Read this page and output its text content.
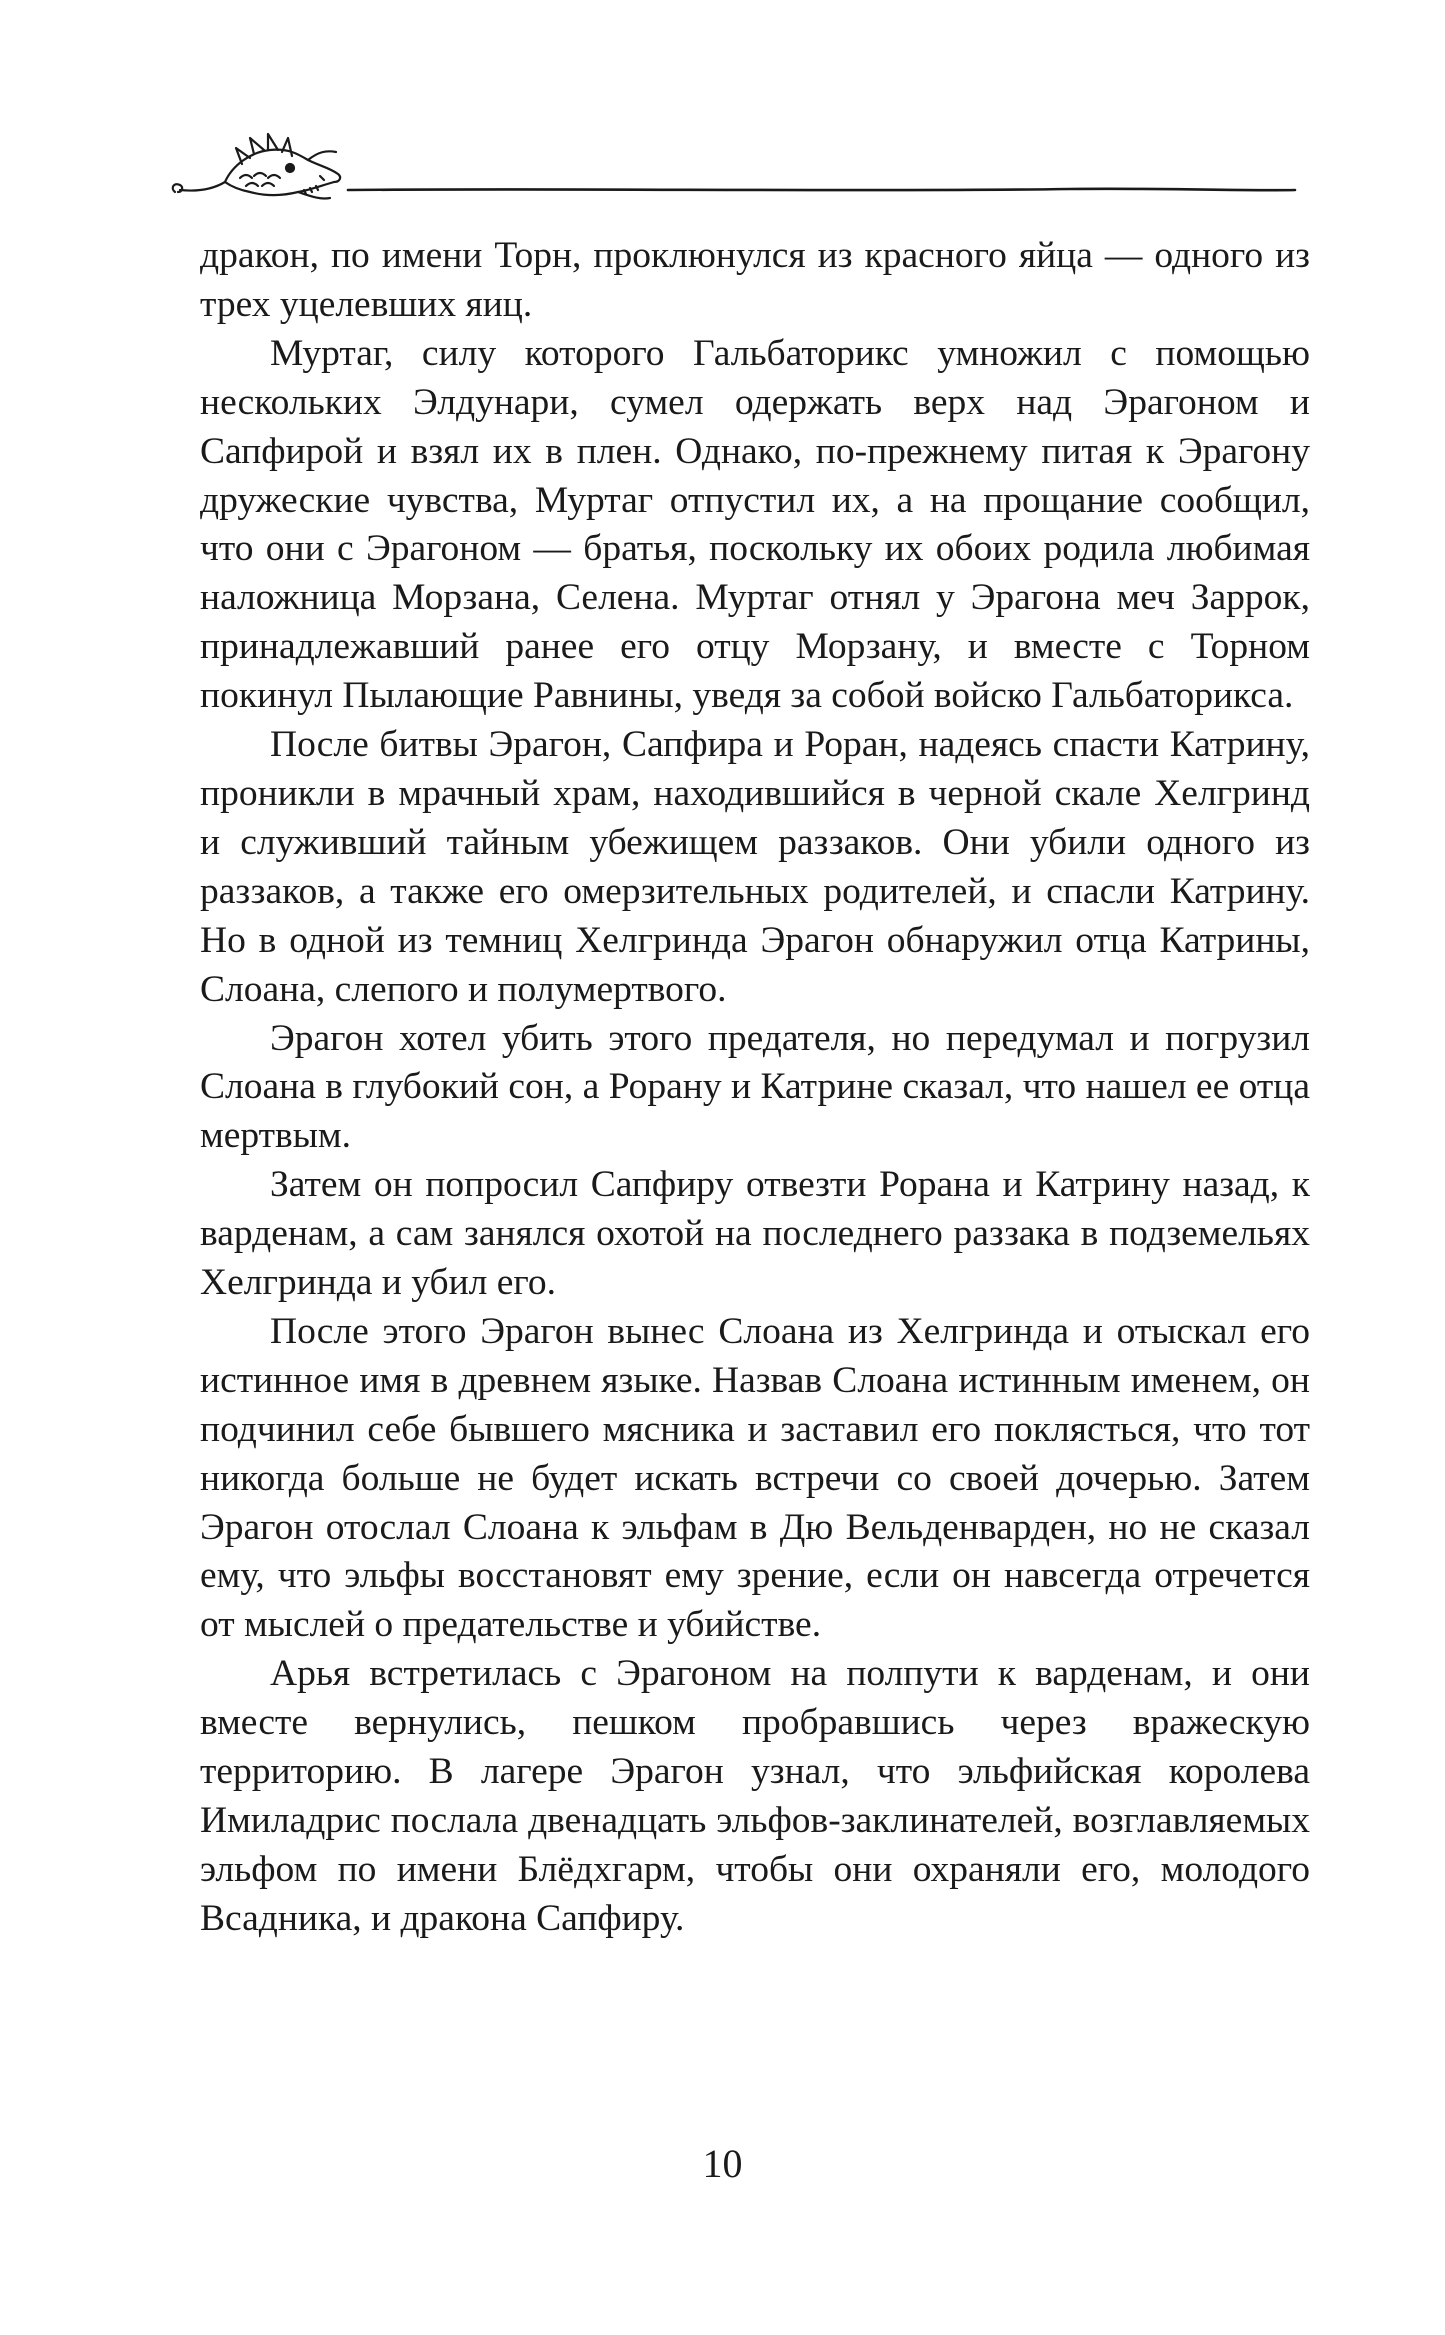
дракон, по имени Торн, проклюнулся из красного яйца — одного из трех уцелевших яиц.

Муртаг, силу которого Гальбаторикс умножил с помощью нескольких Элдунари, сумел одержать верх над Эрагоном и Сапфирой и взял их в плен. Однако, по-прежнему питая к Эрагону дружеские чувства, Муртаг отпустил их, а на прощание сообщил, что они с Эрагоном — братья, поскольку их обоих родила любимая наложница Морзана, Селена. Муртаг отнял у Эрагона меч Заррок, принадлежавший ранее его отцу Морзану, и вместе с Торном покинул Пылающие Равнины, уведя за собой войско Гальбаторикса.

После битвы Эрагон, Сапфира и Роран, надеясь спасти Катрину, проникли в мрачный храм, находившийся в черной скале Хелгринд и служивший тайным убежищем раззаков. Они убили одного из раззаков, а также его омерзительных родителей, и спасли Катрину. Но в одной из темниц Хелгринда Эрагон обнаружил отца Катрины, Слоана, слепого и полумертвого.

Эрагон хотел убить этого предателя, но передумал и погрузил Слоана в глубокий сон, а Рорану и Катрине сказал, что нашел ее отца мертвым.

Затем он попросил Сапфиру отвезти Рорана и Катрину назад, к варденам, а сам занялся охотой на последнего раззака в подземельях Хелгринда и убил его.

После этого Эрагон вынес Слоана из Хелгринда и отыскал его истинное имя в древнем языке. Назвав Слоана истинным именем, он подчинил себе бывшего мясника и заставил его поклясться, что тот никогда больше не будет искать встречи со своей дочерью. Затем Эрагон отослал Слоана к эльфам в Дю Вельденварден, но не сказал ему, что эльфы восстановят ему зрение, если он навсегда отречется от мыслей о предательстве и убийстве.

Арья встретилась с Эрагоном на полпути к варденам, и они вместе вернулись, пешком пробравшись через вражескую территорию. В лагере Эрагон узнал, что эльфийская королева Имиладрис послала двенадцать эльфов-заклинателей, возглавляемых эльфом по имени Блёдхгарм, чтобы они охраняли его, молодого Всадника, и дракона Сапфиру.

10
